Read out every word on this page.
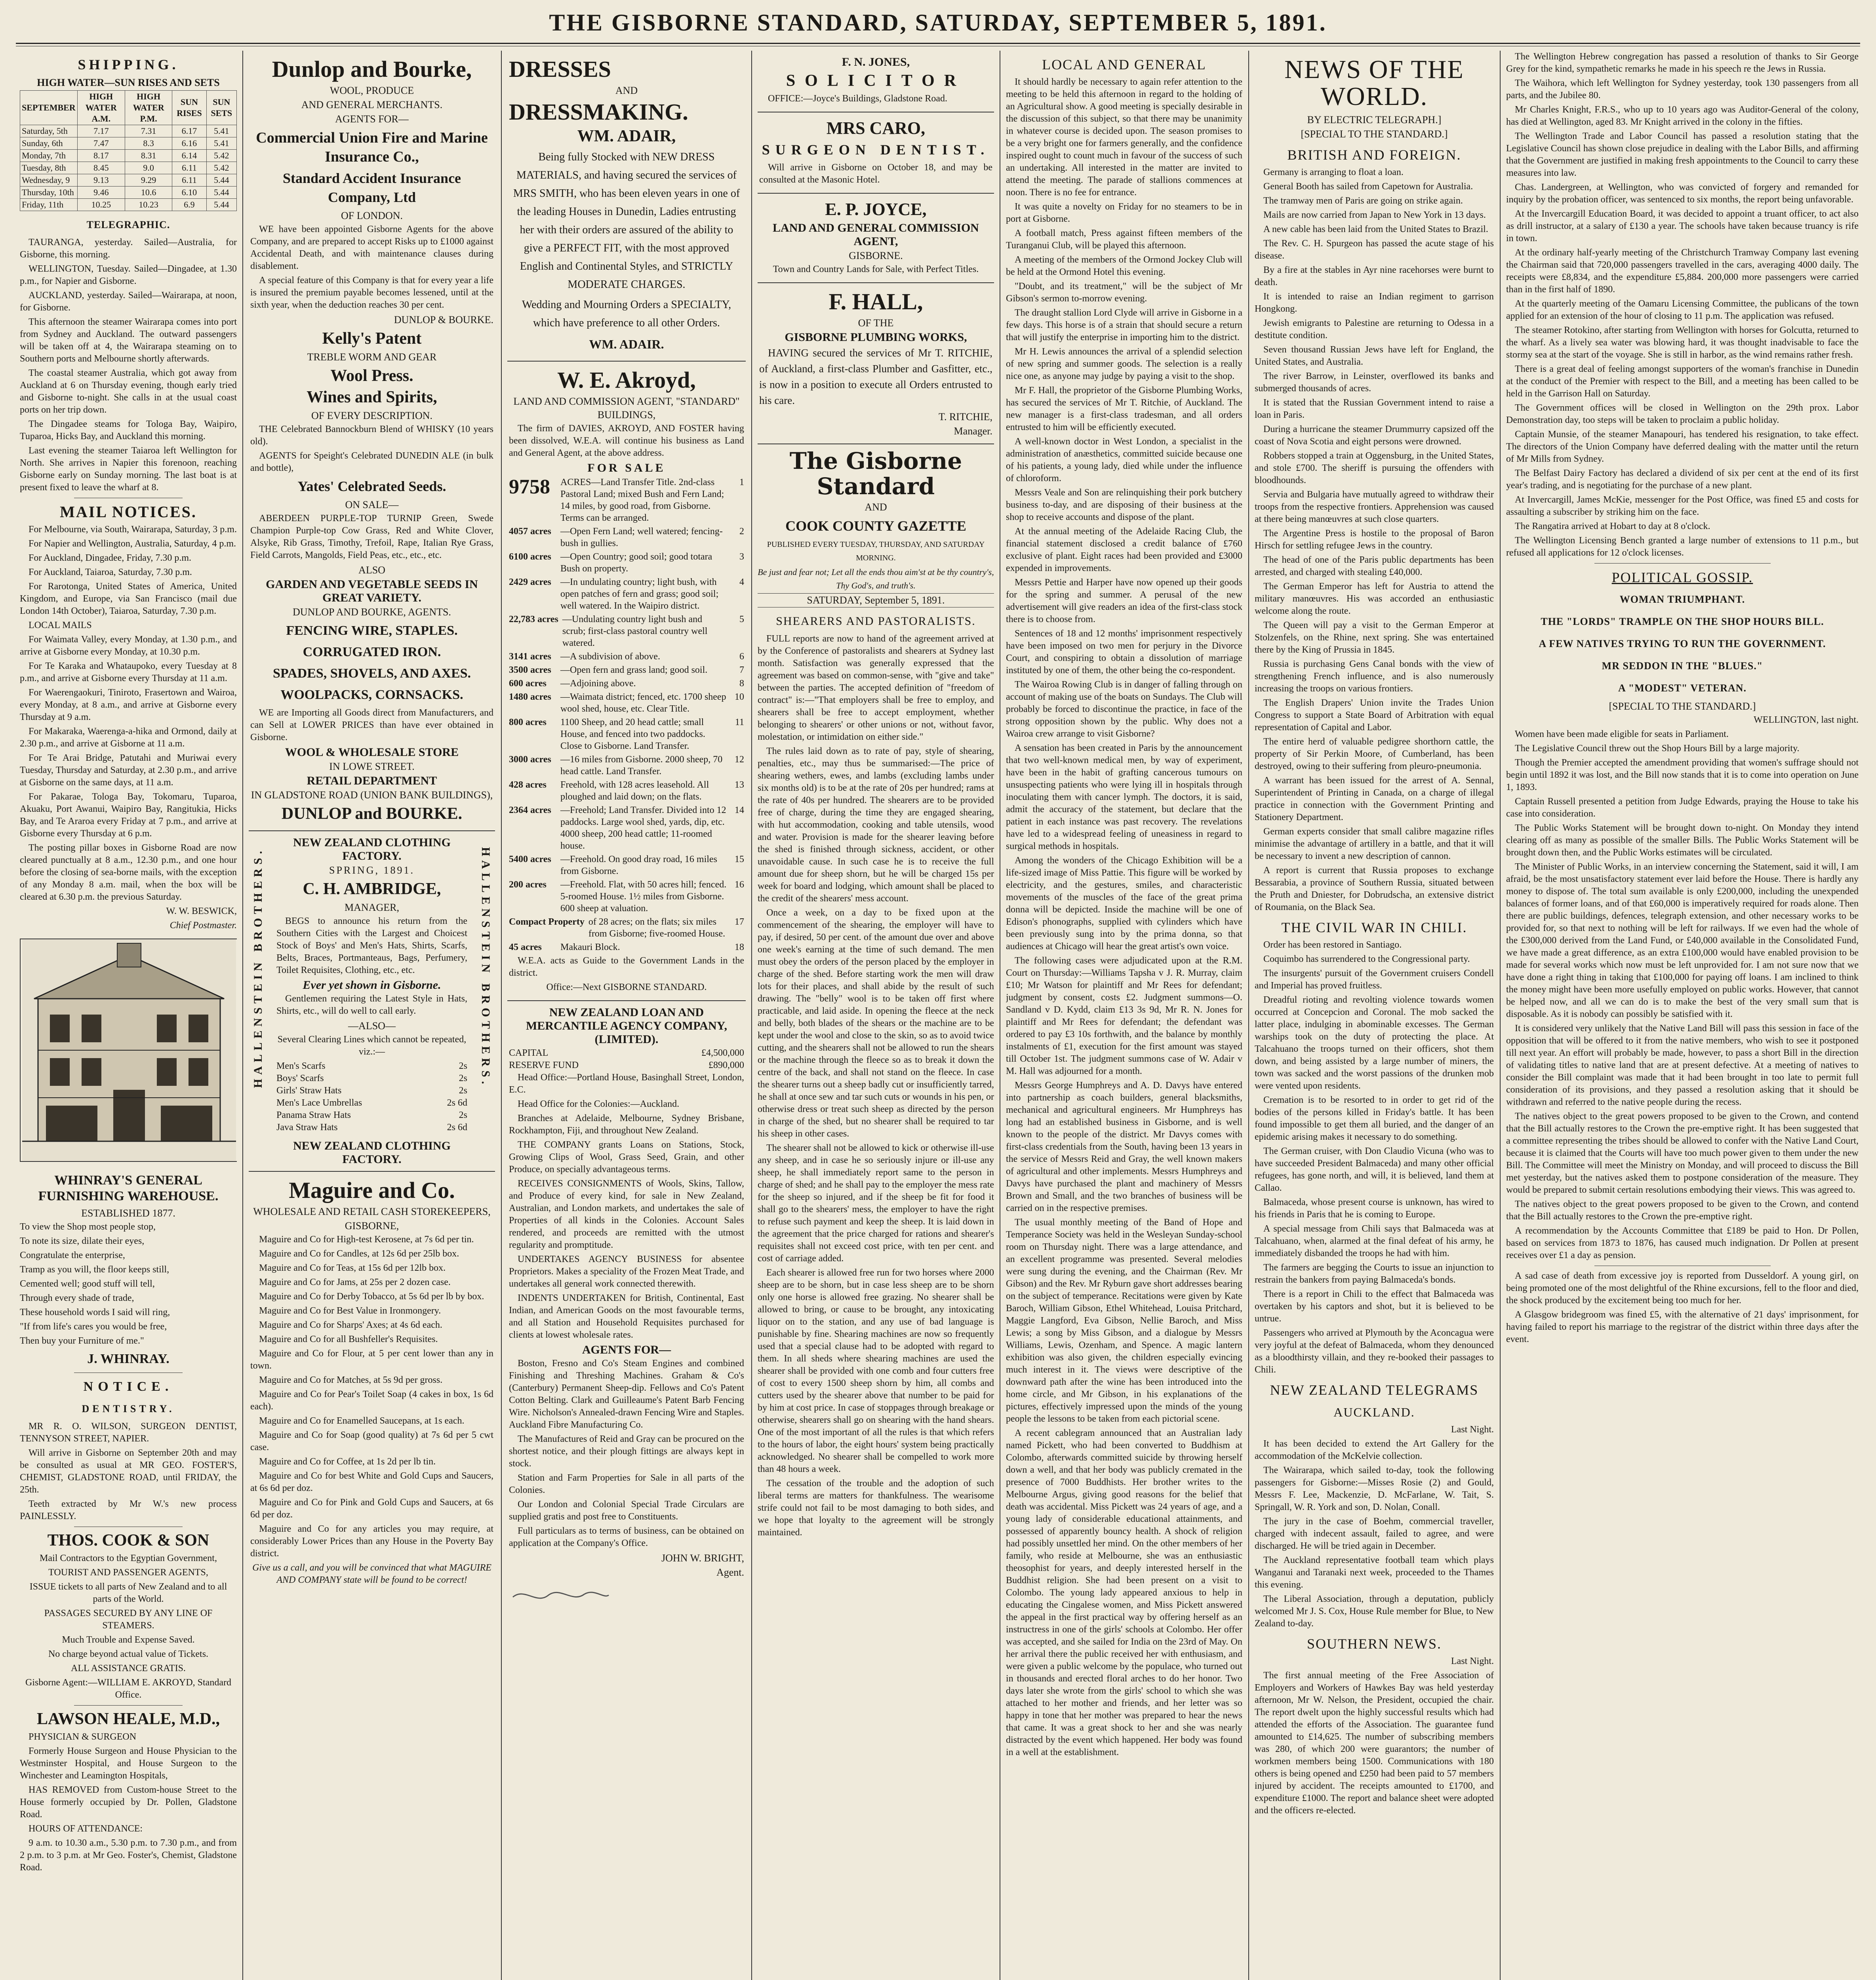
THE GISBORNE STANDARD, SATURDAY, SEPTEMBER 5, 1891.
SHIPPING.
HIGH WATER—SUN RISES AND SETS
SEPTEMBER	HIGH WATER A.M.	HIGH WATER P.M.	SUN RISES	SUN SETS
Saturday, 5th	7.17	7.31	6.17	5.41
Sunday, 6th	7.47	8.3	6.16	5.41
Monday, 7th	8.17	8.31	6.14	5.42
Tuesday, 8th	8.45	9.0	6.11	5.42
Wednesday, 9	9.13	9.29	6.11	5.44
Thursday, 10th	9.46	10.6	6.10	5.44
Friday, 11th	10.25	10.23	6.9	5.44
TELEGRAPHIC.
TAURANGA, yesterday. Sailed—Australia, for Gisborne, this morning.
WELLINGTON, Tuesday. Sailed—Dingadee, at 1.30 p.m., for Napier and Gisborne.
AUCKLAND, yesterday. Sailed—Wairarapa, at noon, for Gisborne.
This afternoon the steamer Wairarapa comes into port from Sydney and Auckland. The outward passengers will be taken off at 4, the Wairarapa steaming on to Southern ports and Melbourne shortly afterwards.
The coastal steamer Australia, which got away from Auckland at 6 on Thursday evening, though early tried and Gisborne to-night. She calls in at the usual coast ports on her trip down.
The Dingadee steams for Tologa Bay, Waipiro, Tuparoa, Hicks Bay, and Auckland this morning.
Last evening the steamer Taiaroa left Wellington for North. She arrives in Napier this forenoon, reaching Gisborne early on Sunday morning. The last boat is at present fixed to leave the wharf at 8.
MAIL NOTICES.
For Melbourne, via South, Wairarapa, Saturday, 3 p.m.
For Napier and Wellington, Australia, Saturday, 4 p.m.
For Auckland, Dingadee, Friday, 7.30 p.m.
For Auckland, Taiaroa, Saturday, 7.30 p.m.
For Rarotonga, United States of America, United Kingdom, and Europe, via San Francisco (mail due London 14th October), Taiaroa, Saturday, 7.30 p.m.
LOCAL MAILS
For Waimata Valley, every Monday, at 1.30 p.m., and arrive at Gisborne every Monday, at 10.30 p.m.
For Te Karaka and Whataupoko, every Tuesday at 8 p.m., and arrive at Gisborne every Thursday at 11 a.m.
For Waerengaokuri, Tiniroto, Frasertown and Wairoa, every Monday, at 8 a.m., and arrive at Gisborne every Thursday at 9 a.m.
For Makaraka, Waerenga-a-hika and Ormond, daily at 2.30 p.m., and arrive at Gisborne at 11 a.m.
For Te Arai Bridge, Patutahi and Muriwai every Tuesday, Thursday and Saturday, at 2.30 p.m., and arrive at Gisborne on the same days, at 11 a.m.
For Pakarae, Tologa Bay, Tokomaru, Tuparoa, Akuaku, Port Awanui, Waipiro Bay, Rangitukia, Hicks Bay, and Te Araroa every Friday at 7 p.m., and arrive at Gisborne every Thursday at 6 p.m.
The posting pillar boxes in Gisborne Road are now cleared punctually at 8 a.m., 12.30 p.m., and one hour before the closing of sea-borne mails, with the exception of any Monday 8 a.m. mail, when the box will be cleared at 6.30 p.m. the previous Saturday.
W. W. BESWICK,
Chief Postmaster.
WHINRAY'S GENERAL FURNISHING WAREHOUSE.
ESTABLISHED 1877.
To view the Shop most people stop,
To note its size, dilate their eyes,
Congratulate the enterprise,
Tramp as you will, the floor keeps still,
Cemented well; good stuff will tell,
Through every shade of trade,
These household words I said will ring,
"If from life's cares you would be free,
Then buy your Furniture of me."
J. WHINRAY.
NOTICE.
DENTISTRY.
MR R. O. WILSON, SURGEON DENTIST, TENNYSON STREET, NAPIER.
Will arrive in Gisborne on September 20th and may be consulted as usual at MR GEO. FOSTER'S, CHEMIST, GLADSTONE ROAD, until FRIDAY, the 25th.
Teeth extracted by Mr W.'s new process PAINLESSLY.
THOS. COOK & SON
Mail Contractors to the Egyptian Government,
TOURIST AND PASSENGER AGENTS,
ISSUE tickets to all parts of New Zealand and to all parts of the World.
PASSAGES SECURED BY ANY LINE OF STEAMERS.
Much Trouble and Expense Saved.
No charge beyond actual value of Tickets.
ALL ASSISTANCE GRATIS.
Gisborne Agent:—WILLIAM E. AKROYD, Standard Office.
LAWSON HEALE, M.D.,
PHYSICIAN & SURGEON
Formerly House Surgeon and House Physician to the Westminster Hospital, and House Surgeon to the Winchester and Leamington Hospitals,
HAS REMOVED from Custom-house Street to the House formerly occupied by Dr. Pollen, Gladstone Road.
HOURS OF ATTENDANCE:
9 a.m. to 10.30 a.m., 5.30 p.m. to 7.30 p.m., and from 2 p.m. to 3 p.m. at Mr Geo. Foster's, Chemist, Gladstone Road.
Dunlop and Bourke,
WOOL, PRODUCE
AND GENERAL MERCHANTS.
AGENTS FOR—
Commercial Union Fire and Marine Insurance Co.,
Standard Accident Insurance Company, Ltd
OF LONDON.
WE have been appointed Gisborne Agents for the above Company, and are prepared to accept Risks up to £1000 against Accidental Death, and with maintenance clauses during disablement.
A special feature of this Company is that for every year a life is insured the premium payable becomes lessened, until at the sixth year, when the deduction reaches 30 per cent.
DUNLOP & BOURKE.
Kelly's Patent
TREBLE WORM AND GEAR
Wool Press.
Wines and Spirits,
OF EVERY DESCRIPTION.
THE Celebrated Bannockburn Blend of WHISKY (10 years old).
AGENTS for Speight's Celebrated DUNEDIN ALE (in bulk and bottle),
Yates' Celebrated Seeds.
ON SALE—
ABERDEEN PURPLE-TOP TURNIP Green, Swede Champion Purple-top Cow Grass, Red and White Clover, Alsyke, Rib Grass, Timothy, Trefoil, Rape, Italian Rye Grass, Field Carrots, Mangolds, Field Peas, etc., etc., etc.
ALSO
GARDEN AND VEGETABLE SEEDS IN GREAT VARIETY.
DUNLOP AND BOURKE, AGENTS.
FENCING WIRE, STAPLES.
CORRUGATED IRON.
SPADES, SHOVELS, AND AXES.
WOOLPACKS, CORNSACKS.
WE are Importing all Goods direct from Manufacturers, and can Sell at LOWER PRICES than have ever obtained in Gisborne.
WOOL & WHOLESALE STORE
IN LOWE STREET.
RETAIL DEPARTMENT
IN GLADSTONE ROAD (UNION BANK BUILDINGS),
DUNLOP and BOURKE.
HALLENSTEIN BROTHERS.	HALLENSTEIN BROTHERS.
NEW ZEALAND CLOTHING FACTORY.
SPRING, 1891.
C. H. AMBRIDGE,
MANAGER,
BEGS to announce his return from the Southern Cities with the Largest and Choicest Stock of Boys' and Men's Hats, Shirts, Scarfs, Belts, Braces, Portmanteaus, Bags, Perfumery, Toilet Requisites, Clothing, etc., etc.
Ever yet shown in Gisborne.
Gentlemen requiring the Latest Style in Hats, Shirts, etc., will do well to call early.
—ALSO—
Several Clearing Lines which cannot be repeated, viz.:—
Men's Scarfs	2s
Boys' Scarfs	2s
Girls' Straw Hats	2s
Men's Lace Umbrellas	2s 6d
Panama Straw Hats	2s
Java Straw Hats	2s 6d
NEW ZEALAND CLOTHING FACTORY.
Maguire and Co.
WHOLESALE AND RETAIL CASH STOREKEEPERS,
GISBORNE,
Maguire and Co for High-test Kerosene, at 7s 6d per tin.
Maguire and Co for Candles, at 12s 6d per 25lb box.
Maguire and Co for Teas, at 15s 6d per 12lb box.
Maguire and Co for Jams, at 25s per 2 dozen case.
Maguire and Co for Derby Tobacco, at 5s 6d per lb by box.
Maguire and Co for Best Value in Ironmongery.
Maguire and Co for Sharps' Axes; at 4s 6d each.
Maguire and Co for all Bushfeller's Requisites.
Maguire and Co for Flour, at 5 per cent lower than any in town.
Maguire and Co for Matches, at 5s 9d per gross.
Maguire and Co for Pear's Toilet Soap (4 cakes in box, 1s 6d each).
Maguire and Co for Enamelled Saucepans, at 1s each.
Maguire and Co for Soap (good quality) at 7s 6d per 5 cwt case.
Maguire and Co for Coffee, at 1s 2d per lb tin.
Maguire and Co for best White and Gold Cups and Saucers, at 6s 6d per doz.
Maguire and Co for Pink and Gold Cups and Saucers, at 6s 6d per doz.
Maguire and Co for any articles you may require, at considerably Lower Prices than any House in the Poverty Bay district.
Give us a call, and you will be convinced that what MAGUIRE AND COMPANY state will be found to be correct!
DRESSES
AND
DRESSMAKING.
WM. ADAIR,
Being fully Stocked with NEW DRESS MATERIALS, and having secured the services of MRS SMITH, who has been eleven years in one of the leading Houses in Dunedin, Ladies entrusting her with their orders are assured of the ability to give a PERFECT FIT, with the most approved English and Continental Styles, and STRICTLY MODERATE CHARGES.
Wedding and Mourning Orders a SPECIALTY, which have preference to all other Orders.
WM. ADAIR.
W. E. Akroyd,
LAND AND COMMISSION AGENT, "STANDARD" BUILDINGS,
The firm of DAVIES, AKROYD, AND FOSTER having been dissolved, W.E.A. will continue his business as Land and General Agent, at the above address.
FOR SALE
9758	ACRES—Land Transfer Title. 2nd-class Pastoral Land; mixed Bush and Fern Land; 14 miles, by good road, from Gisborne. Terms can be arranged.
1
4057 acres —Open Fern Land; well watered; fencing-bush in gullies.
2
6100 acres —Open Country; good soil; good totara Bush on property.
3
2429 acres —In undulating country; light bush, with open patches of fern and grass; good soil; well watered. In the Waipiro district.
4
22,783 acres —Undulating country light bush and scrub; first-class pastoral country well watered.
5
3141 acres —A subdivision of above.	6
3500 acres —Open fern and grass land; good soil.	7
600 acres	—Adjoining above.	8
1480 acres —Waimata district; fenced, etc. 1700 sheep wool shed, house, etc. Clear Title.
10
800 acres	1100 Sheep, and 20 head cattle; small House, and fenced into two paddocks. Close to Gisborne. Land Transfer.
11
3000 acres —16 miles from Gisborne. 2000 sheep, 70 head cattle. Land Transfer.
12
428 acres	Freehold, with 128 acres leasehold. All ploughed and laid down; on the flats.
13
2364 acres —Freehold; Land Transfer. Divided into 12 paddocks. Large wool shed, yards, dip, etc. 4000 sheep, 200 head cattle; 11-roomed house.
14
5400 acres —Freehold. On good dray road, 16 miles from Gisborne.
15
200 acres	—Freehold. Flat, with 50 acres hill; fenced. 5-roomed House. 1½ miles from Gisborne. 600 sheep at valuation.
16
Compact Property of 28 acres; on the flats; six miles from Gisborne; five-roomed House.
17
45 acres	Makauri Block.	18
W.E.A. acts as Guide to the Government Lands in the district.
Office:—Next GISBORNE STANDARD.
NEW ZEALAND LOAN AND MERCANTILE AGENCY COMPANY, (LIMITED).
CAPITAL	£4,500,000
RESERVE FUND	£890,000
Head Office:—Portland House, Basinghall Street, London, E.C.
Head Office for the Colonies:—Auckland.
Branches at Adelaide, Melbourne, Sydney Brisbane, Rockhampton, Fiji, and throughout New Zealand.
THE COMPANY grants Loans on Stations, Stock, Growing Clips of Wool, Grass Seed, Grain, and other Produce, on specially advantageous terms.
RECEIVES CONSIGNMENTS of Wools, Skins, Tallow, and Produce of every kind, for sale in New Zealand, Australian, and London markets, and undertakes the sale of Properties of all kinds in the Colonies. Account Sales rendered, and proceeds are remitted with the utmost regularity and promptitude.
UNDERTAKES AGENCY BUSINESS for absentee Proprietors. Makes a speciality of the Frozen Meat Trade, and undertakes all general work connected therewith.
INDENTS UNDERTAKEN for British, Continental, East Indian, and American Goods on the most favourable terms, and all Station and Household Requisites purchased for clients at lowest wholesale rates.
AGENTS FOR—
Boston, Fresno and Co's Steam Engines and combined Finishing and Threshing Machines. Graham & Co's (Canterbury) Permanent Sheep-dip. Fellows and Co's Patent Cotton Belting. Clark and Guilleaume's Patent Barb Fencing Wire. Nicholson's Annealed-drawn Fencing Wire and Staples. Auckland Fibre Manufacturing Co.
The Manufactures of Reid and Gray can be procured on the shortest notice, and their plough fittings are always kept in stock.
Station and Farm Properties for Sale in all parts of the Colonies.
Our London and Colonial Special Trade Circulars are supplied gratis and post free to Constituents.
Full particulars as to terms of business, can be obtained on application at the Company's Office.
JOHN W. BRIGHT,
Agent.
F. N. JONES,
SOLICITOR
OFFICE:—Joyce's Buildings, Gladstone Road.
MRS CARO,
SURGEON DENTIST.
Will arrive in Gisborne on October 18, and may be consulted at the Masonic Hotel.
E. P. JOYCE,
LAND AND GENERAL COMMISSION AGENT,
GISBORNE.
Town and Country Lands for Sale, with Perfect Titles.
F. HALL,
OF THE
GISBORNE PLUMBING WORKS,
HAVING secured the services of Mr T. RITCHIE, of Auckland, a first-class Plumber and Gasfitter, etc., is now in a position to execute all Orders entrusted to his care.
T. RITCHIE,
Manager.
The Gisborne Standard
AND
COOK COUNTY GAZETTE
PUBLISHED EVERY TUESDAY, THURSDAY, AND SATURDAY MORNING.
Be just and fear not; Let all the ends thou aim'st at be thy country's, Thy God's, and truth's.
SATURDAY, September 5, 1891.
SHEARERS AND PASTORALISTS.
FULL reports are now to hand of the agreement arrived at by the Conference of pastoralists and shearers at Sydney last month. Satisfaction was generally expressed that the agreement was based on common-sense, with "give and take" between the parties. The accepted definition of "freedom of contract" is:—"That employers shall be free to employ, and shearers shall be free to accept employment, whether belonging to shearers' or other unions or not, without favor, molestation, or intimidation on either side."
The rules laid down as to rate of pay, style of shearing, penalties, etc., may thus be summarised:—The price of shearing wethers, ewes, and lambs (excluding lambs under six months old) is to be at the rate of 20s per hundred; rams at the rate of 40s per hundred. The shearers are to be provided free of charge, during the time they are engaged shearing, with hut accommodation, cooking and table utensils, wood and water. Provision is made for the shearer leaving before the shed is finished through sickness, accident, or other unavoidable cause. In such case he is to receive the full amount due for sheep shorn, but he will be charged 15s per week for board and lodging, which amount shall be placed to the credit of the shearers' mess account.
Once a week, on a day to be fixed upon at the commencement of the shearing, the employer will have to pay, if desired, 50 per cent. of the amount due over and above one week's earning at the time of such demand. The men must obey the orders of the person placed by the employer in charge of the shed. Before starting work the men will draw lots for their places, and shall abide by the result of such drawing. The "belly" wool is to be taken off first where practicable, and laid aside. In opening the fleece at the neck and belly, both blades of the shears or the machine are to be kept under the wool and close to the skin, so as to avoid twice cutting, and the shearers shall not be allowed to run the shears or the machine through the fleece so as to break it down the centre of the back, and shall not stand on the fleece. In case the shearer turns out a sheep badly cut or insufficiently tarred, he shall at once sew and tar such cuts or wounds in his pen, or otherwise dress or treat such sheep as directed by the person in charge of the shed, but no shearer shall be required to tar his sheep in other cases.
The shearer shall not be allowed to kick or otherwise ill-use any sheep, and in case he so seriously injure or ill-use any sheep, he shall immediately report same to the person in charge of shed; and he shall pay to the employer the mess rate for the sheep so injured, and if the sheep be fit for food it shall go to the shearers' mess, the employer to have the right to refuse such payment and keep the sheep. It is laid down in the agreement that the price charged for rations and shearer's requisites shall not exceed cost price, with ten per cent. and cost of carriage added.
Each shearer is allowed free run for two horses where 2000 sheep are to be shorn, but in case less sheep are to be shorn only one horse is allowed free grazing. No shearer shall be allowed to bring, or cause to be brought, any intoxicating liquor on to the station, and any use of bad language is punishable by fine. Shearing machines are now so frequently used that a special clause had to be adopted with regard to them. In all sheds where shearing machines are used the shearer shall be provided with one comb and four cutters free of cost to every 1500 sheep shorn by him, all combs and cutters used by the shearer above that number to be paid for by him at cost price. In case of stoppages through breakage or otherwise, shearers shall go on shearing with the hand shears. One of the most important of all the rules is that which refers to the hours of labor, the eight hours' system being practically acknowledged. No shearer shall be compelled to work more than 48 hours a week.
The cessation of the trouble and the adoption of such liberal terms are matters for thankfulness. The wearisome strife could not fail to be most damaging to both sides, and we hope that loyalty to the agreement will be strongly maintained.
LOCAL AND GENERAL
It should hardly be necessary to again refer attention to the meeting to be held this afternoon in regard to the holding of an Agricultural show. A good meeting is specially desirable in the discussion of this subject, so that there may be unanimity in whatever course is decided upon. The season promises to be a very bright one for farmers generally, and the confidence inspired ought to count much in favour of the success of such an undertaking. All interested in the matter are invited to attend the meeting. The parade of stallions commences at noon. There is no fee for entrance.
It was quite a novelty on Friday for no steamers to be in port at Gisborne.
A football match, Press against fifteen members of the Turanganui Club, will be played this afternoon.
A meeting of the members of the Ormond Jockey Club will be held at the Ormond Hotel this evening.
"Doubt, and its treatment," will be the subject of Mr Gibson's sermon to-morrow evening.
The draught stallion Lord Clyde will arrive in Gisborne in a few days. This horse is of a strain that should secure a return that will justify the enterprise in importing him to the district.
Mr H. Lewis announces the arrival of a splendid selection of new spring and summer goods. The selection is a really nice one, as anyone may judge by paying a visit to the shop.
Mr F. Hall, the proprietor of the Gisborne Plumbing Works, has secured the services of Mr T. Ritchie, of Auckland. The new manager is a first-class tradesman, and all orders entrusted to him will be efficiently executed.
A well-known doctor in West London, a specialist in the administration of anæsthetics, committed suicide because one of his patients, a young lady, died while under the influence of chloroform.
Messrs Veale and Son are relinquishing their pork butchery business to-day, and are disposing of their business at the shop to receive accounts and dispose of the plant.
At the annual meeting of the Adelaide Racing Club, the financial statement disclosed a credit balance of £760 exclusive of plant. Eight races had been provided and £3000 expended in improvements.
Messrs Pettie and Harper have now opened up their goods for the spring and summer. A perusal of the new advertisement will give readers an idea of the first-class stock there is to choose from.
Sentences of 18 and 12 months' imprisonment respectively have been imposed on two men for perjury in the Divorce Court, and conspiring to obtain a dissolution of marriage instituted by one of them, the other being the co-respondent.
The Wairoa Rowing Club is in danger of falling through on account of making use of the boats on Sundays. The Club will probably be forced to discontinue the practice, in face of the strong opposition shown by the public. Why does not a Wairoa crew arrange to visit Gisborne?
A sensation has been created in Paris by the announcement that two well-known medical men, by way of experiment, have been in the habit of grafting cancerous tumours on unsuspecting patients who were lying ill in hospitals through inoculating them with cancer lymph. The doctors, it is said, admit the accuracy of the statement, but declare that the patient in each instance was past recovery. The revelations have led to a widespread feeling of uneasiness in regard to surgical methods in hospitals.
Among the wonders of the Chicago Exhibition will be a life-sized image of Miss Pattie. This figure will be worked by electricity, and the gestures, smiles, and characteristic movements of the muscles of the face of the great prima donna will be depicted. Inside the machine will be one of Edison's phonographs, supplied with cylinders which have been previously sung into by the prima donna, so that audiences at Chicago will hear the great artist's own voice.
The following cases were adjudicated upon at the R.M. Court on Thursday:—Williams Tapsha v J. R. Murray, claim £10; Mr Watson for plaintiff and Mr Rees for defendant; judgment by consent, costs £2. Judgment summons—O. Sandland v D. Kydd, claim £13 3s 9d, Mr R. N. Jones for plaintiff and Mr Rees for defendant; the defendant was ordered to pay £3 10s forthwith, and the balance by monthly instalments of £1, execution for the first amount was stayed till October 1st. The judgment summons case of W. Adair v M. Hall was adjourned for a month.
Messrs George Humphreys and A. D. Davys have entered into partnership as coach builders, general blacksmiths, mechanical and agricultural engineers. Mr Humphreys has long had an established business in Gisborne, and is well known to the people of the district. Mr Davys comes with first-class credentials from the South, having been 13 years in the service of Messrs Reid and Gray, the well known makers of agricultural and other implements. Messrs Humphreys and Davys have purchased the plant and machinery of Messrs Brown and Small, and the two branches of business will be carried on in the respective premises.
The usual monthly meeting of the Band of Hope and Temperance Society was held in the Wesleyan Sunday-school room on Thursday night. There was a large attendance, and an excellent programme was presented. Several melodies were sung during the evening, and the Chairman (Rev. Mr Gibson) and the Rev. Mr Ryburn gave short addresses bearing on the subject of temperance. Recitations were given by Kate Baroch, William Gibson, Ethel Whitehead, Louisa Pritchard, Maggie Langford, Eva Gibson, Nellie Baroch, and Miss Lewis; a song by Miss Gibson, and a dialogue by Messrs Williams, Lewis, Ozenham, and Spence. A magic lantern exhibition was also given, the children especially evincing much interest in it. The views were descriptive of the downward path after the wine has been introduced into the home circle, and Mr Gibson, in his explanations of the pictures, effectively impressed upon the minds of the young people the lessons to be taken from each pictorial scene.
A recent cablegram announced that an Australian lady named Pickett, who had been converted to Buddhism at Colombo, afterwards committed suicide by throwing herself down a well, and that her body was publicly cremated in the presence of 7000 Buddhists. Her brother writes to the Melbourne Argus, giving good reasons for the belief that death was accidental. Miss Pickett was 24 years of age, and a young lady of considerable educational attainments, and possessed of apparently bouncy health. A shock of religion had possibly unsettled her mind. On the other members of her family, who reside at Melbourne, she was an enthusiastic theosophist for years, and deeply interested herself in the Buddhist religion. She had been present on a visit to Colombo. The young lady appeared anxious to help in educating the Cingalese women, and Miss Pickett answered the appeal in the first practical way by offering herself as an instructress in one of the girls' schools at Colombo. Her offer was accepted, and she sailed for India on the 23rd of May. On her arrival there the public received her with enthusiasm, and were given a public welcome by the populace, who turned out in thousands and erected floral arches to do her honor. Two days later she wrote from the girls' school to which she was attached to her mother and friends, and her letter was so happy in tone that her mother was prepared to hear the news that came. It was a great shock to her and she was nearly distracted by the event which happened. Her body was found in a well at the establishment.
NEWS OF THE WORLD.
BY ELECTRIC TELEGRAPH.]
[SPECIAL TO THE STANDARD.]
BRITISH AND FOREIGN.
Germany is arranging to float a loan.
General Booth has sailed from Capetown for Australia.
The tramway men of Paris are going on strike again.
Mails are now carried from Japan to New York in 13 days.
A new cable has been laid from the United States to Brazil.
The Rev. C. H. Spurgeon has passed the acute stage of his disease.
By a fire at the stables in Ayr nine racehorses were burnt to death.
It is intended to raise an Indian regiment to garrison Hongkong.
Jewish emigrants to Palestine are returning to Odessa in a destitute condition.
Seven thousand Russian Jews have left for England, the United States, and Australia.
The river Barrow, in Leinster, overflowed its banks and submerged thousands of acres.
It is stated that the Russian Government intend to raise a loan in Paris.
During a hurricane the steamer Drummurry capsized off the coast of Nova Scotia and eight persons were drowned.
Robbers stopped a train at Oggensburg, in the United States, and stole £700. The sheriff is pursuing the offenders with bloodhounds.
Servia and Bulgaria have mutually agreed to withdraw their troops from the respective frontiers. Apprehension was caused at there being manœuvres at such close quarters.
The Argentine Press is hostile to the proposal of Baron Hirsch for settling refugee Jews in the country.
The head of one of the Paris public departments has been arrested, and charged with stealing £40,000.
The German Emperor has left for Austria to attend the military manœuvres. His was accorded an enthusiastic welcome along the route.
The Queen will pay a visit to the German Emperor at Stolzenfels, on the Rhine, next spring. She was entertained there by the King of Prussia in 1845.
Russia is purchasing Gens Canal bonds with the view of strengthening French influence, and is also numerously increasing the troops on various frontiers.
The English Drapers' Union invite the Trades Union Congress to support a State Board of Arbitration with equal representation of Capital and Labor.
The entire herd of valuable pedigree shorthorn cattle, the property of Sir Perkin Moore, of Cumberland, has been destroyed, owing to their suffering from pleuro-pneumonia.
A warrant has been issued for the arrest of A. Sennal, Superintendent of Printing in Canada, on a charge of illegal practice in connection with the Government Printing and Stationery Department.
German experts consider that small calibre magazine rifles minimise the advantage of artillery in a battle, and that it will be necessary to invent a new description of cannon.
A report is current that Russia proposes to exchange Bessarabia, a province of Southern Russia, situated between the Pruth and Dniester, for Dobrudscha, an extensive district of Roumania, on the Black Sea.
THE CIVIL WAR IN CHILI.
Order has been restored in Santiago.
Coquimbo has surrendered to the Congressional party.
The insurgents' pursuit of the Government cruisers Condell and Imperial has proved fruitless.
Dreadful rioting and revolting violence towards women occurred at Concepcion and Coronal. The mob sacked the latter place, indulging in abominable excesses. The German warships took on the duty of protecting the place. At Talcahuano the troops turned on their officers, shot them down, and being assisted by a large number of miners, the town was sacked and the worst passions of the drunken mob were vented upon residents.
Cremation is to be resorted to in order to get rid of the bodies of the persons killed in Friday's battle. It has been found impossible to get them all buried, and the danger of an epidemic arising makes it necessary to do something.
The German cruiser, with Don Claudio Vicuna (who was to have succeeded President Balmaceda) and many other official refugees, has gone north, and will, it is believed, land them at Callao.
Balmaceda, whose present course is unknown, has wired to his friends in Paris that he is coming to Europe.
A special message from Chili says that Balmaceda was at Talcahuano, when, alarmed at the final defeat of his army, he immediately disbanded the troops he had with him.
The farmers are begging the Courts to issue an injunction to restrain the bankers from paying Balmaceda's bonds.
There is a report in Chili to the effect that Balmaceda was overtaken by his captors and shot, but it is believed to be untrue.
Passengers who arrived at Plymouth by the Aconcagua were very joyful at the defeat of Balmaceda, whom they denounced as a bloodthirsty villain, and they re-booked their passages to Chili.
NEW ZEALAND TELEGRAMS
AUCKLAND.
Last Night.
It has been decided to extend the Art Gallery for the accommodation of the McKelvie collection.
The Wairarapa, which sailed to-day, took the following passengers for Gisborne:—Misses Rosie (2) and Gould, Messrs F. Lee, Mackenzie, D. McFarlane, W. Tait, S. Springall, W. R. York and son, D. Nolan, Conall.
The jury in the case of Boehm, commercial traveller, charged with indecent assault, failed to agree, and were discharged. He will be tried again in December.
The Auckland representative football team which plays Wanganui and Taranaki next week, proceeded to the Thames this evening.
The Liberal Association, through a deputation, publicly welcomed Mr J. S. Cox, House Rule member for Blue, to New Zealand to-day.
SOUTHERN NEWS.
Last Night.
The first annual meeting of the Free Association of Employers and Workers of Hawkes Bay was held yesterday afternoon, Mr W. Nelson, the President, occupied the chair. The report dwelt upon the highly successful results which had attended the efforts of the Association. The guarantee fund amounted to £14,625. The number of subscribing members was 280, of which 200 were guarantors; the number of workmen members being 1500. Communications with 180 others is being opened and £250 had been paid to 57 members injured by accident. The receipts amounted to £1700, and expenditure £1000. The report and balance sheet were adopted and the officers re-elected.
The Wellington Hebrew congregation has passed a resolution of thanks to Sir George Grey for the kind, sympathetic remarks he made in his speech re the Jews in Russia.
The Waihora, which left Wellington for Sydney yesterday, took 130 passengers from all parts, and the Jubilee 80.
Mr Charles Knight, F.R.S., who up to 10 years ago was Auditor-General of the colony, has died at Wellington, aged 83. Mr Knight arrived in the colony in the fifties.
The Wellington Trade and Labor Council has passed a resolution stating that the Legislative Council has shown close prejudice in dealing with the Labor Bills, and affirming that the Government are justified in making fresh appointments to the Council to carry these measures into law.
Chas. Landergreen, at Wellington, who was convicted of forgery and remanded for inquiry by the probation officer, was sentenced to six months, the report being unfavorable.
At the Invercargill Education Board, it was decided to appoint a truant officer, to act also as drill instructor, at a salary of £130 a year. The schools have taken because truancy is rife in town.
At the ordinary half-yearly meeting of the Christchurch Tramway Company last evening the Chairman said that 720,000 passengers travelled in the cars, averaging 4000 daily. The receipts were £8,834, and the expenditure £5,884. 200,000 more passengers were carried than in the first half of 1890.
At the quarterly meeting of the Oamaru Licensing Committee, the publicans of the town applied for an extension of the hour of closing to 11 p.m. The application was refused.
The steamer Rotokino, after starting from Wellington with horses for Golcutta, returned to the wharf. As a lively sea water was blowing hard, it was thought inadvisable to face the stormy sea at the start of the voyage. She is still in harbor, as the wind remains rather fresh.
There is a great deal of feeling amongst supporters of the woman's franchise in Dunedin at the conduct of the Premier with respect to the Bill, and a meeting has been called to be held in the Garrison Hall on Saturday.
The Government offices will be closed in Wellington on the 29th prox. Labor Demonstration day, too steps will be taken to proclaim a public holiday.
Captain Munsie, of the steamer Manapouri, has tendered his resignation, to take effect. The directors of the Union Company have deferred dealing with the matter until the return of Mr Mills from Sydney.
The Belfast Dairy Factory has declared a dividend of six per cent at the end of its first year's trading, and is negotiating for the purchase of a new plant.
At Invercargill, James McKie, messenger for the Post Office, was fined £5 and costs for assaulting a subscriber by striking him on the face.
The Rangatira arrived at Hobart to day at 8 o'clock.
The Wellington Licensing Bench granted a large number of extensions to 11 p.m., but refused all applications for 12 o'clock licenses.
POLITICAL GOSSIP.
WOMAN TRIUMPHANT.
THE "LORDS" TRAMPLE ON THE SHOP HOURS BILL.
A FEW NATIVES TRYING TO RUN THE GOVERNMENT.
MR SEDDON IN THE "BLUES."
A "MODEST" VETERAN.
[SPECIAL TO THE STANDARD.]
WELLINGTON, last night.
Women have been made eligible for seats in Parliament.
The Legislative Council threw out the Shop Hours Bill by a large majority.
Though the Premier accepted the amendment providing that women's suffrage should not begin until 1892 it was lost, and the Bill now stands that it is to come into operation on June 1, 1893.
Captain Russell presented a petition from Judge Edwards, praying the House to take his case into consideration.
The Public Works Statement will be brought down to-night. On Monday they intend clearing off as many as possible of the smaller Bills. The Public Works Statement will be brought down then, and the Public Works estimates will be circulated.
The Minister of Public Works, in an interview concerning the Statement, said it will, I am afraid, be the most unsatisfactory statement ever laid before the House. There is hardly any money to dispose of. The total sum available is only £200,000, including the unexpended balances of former loans, and of that £60,000 is imperatively required for roads alone. Then there are public buildings, defences, telegraph extension, and other necessary works to be provided for, so that next to nothing will be left for railways. If we even had the whole of the £300,000 derived from the Land Fund, or £40,000 available in the Consolidated Fund, we have made a great difference, as an extra £100,000 would have enabled provision to be made for several works which now must be left unprovided for. I am not sure now that we have done a right thing in taking that £100,000 for paying off loans. I am inclined to think the money might have been more usefully employed on public works. However, that cannot be helped now, and all we can do is to make the best of the very small sum that is disposable. As it is nobody can possibly be satisfied with it.
It is considered very unlikely that the Native Land Bill will pass this session in face of the opposition that will be offered to it from the native members, who wish to see it postponed till next year. An effort will probably be made, however, to pass a short Bill in the direction of validating titles to native land that are at present defective. At a meeting of natives to consider the Bill complaint was made that it had been brought in too late to permit full consideration of its provisions, and they passed a resolution asking that it should be withdrawn and referred to the native people during the recess.
The natives object to the great powers proposed to be given to the Crown, and contend that the Bill actually restores to the Crown the pre-emptive right. It has been suggested that a committee representing the tribes should be allowed to confer with the Native Land Court, because it is claimed that the Courts will have too much power given to them under the new Bill. The Committee will meet the Ministry on Monday, and will proceed to discuss the Bill met yesterday, but the natives asked them to postpone consideration of the measure. They would be prepared to submit certain resolutions embodying their views. This was agreed to.
The natives object to the great powers proposed to be given to the Crown, and contend that the Bill actually restores to the Crown the pre-emptive right.
A recommendation by the Accounts Committee that £189 be paid to Hon. Dr Pollen, based on services from 1873 to 1876, has caused much indignation. Dr Pollen at present receives over £1 a day as pension.
A sad case of death from excessive joy is reported from Dusseldorf. A young girl, on being promoted one of the most delightful of the Rhine excursions, fell to the floor and died, the shock produced by the excitement being too much for her.
A Glasgow bridegroom was fined £5, with the alternative of 21 days' imprisonment, for having failed to report his marriage to the registrar of the district within three days after the event.
